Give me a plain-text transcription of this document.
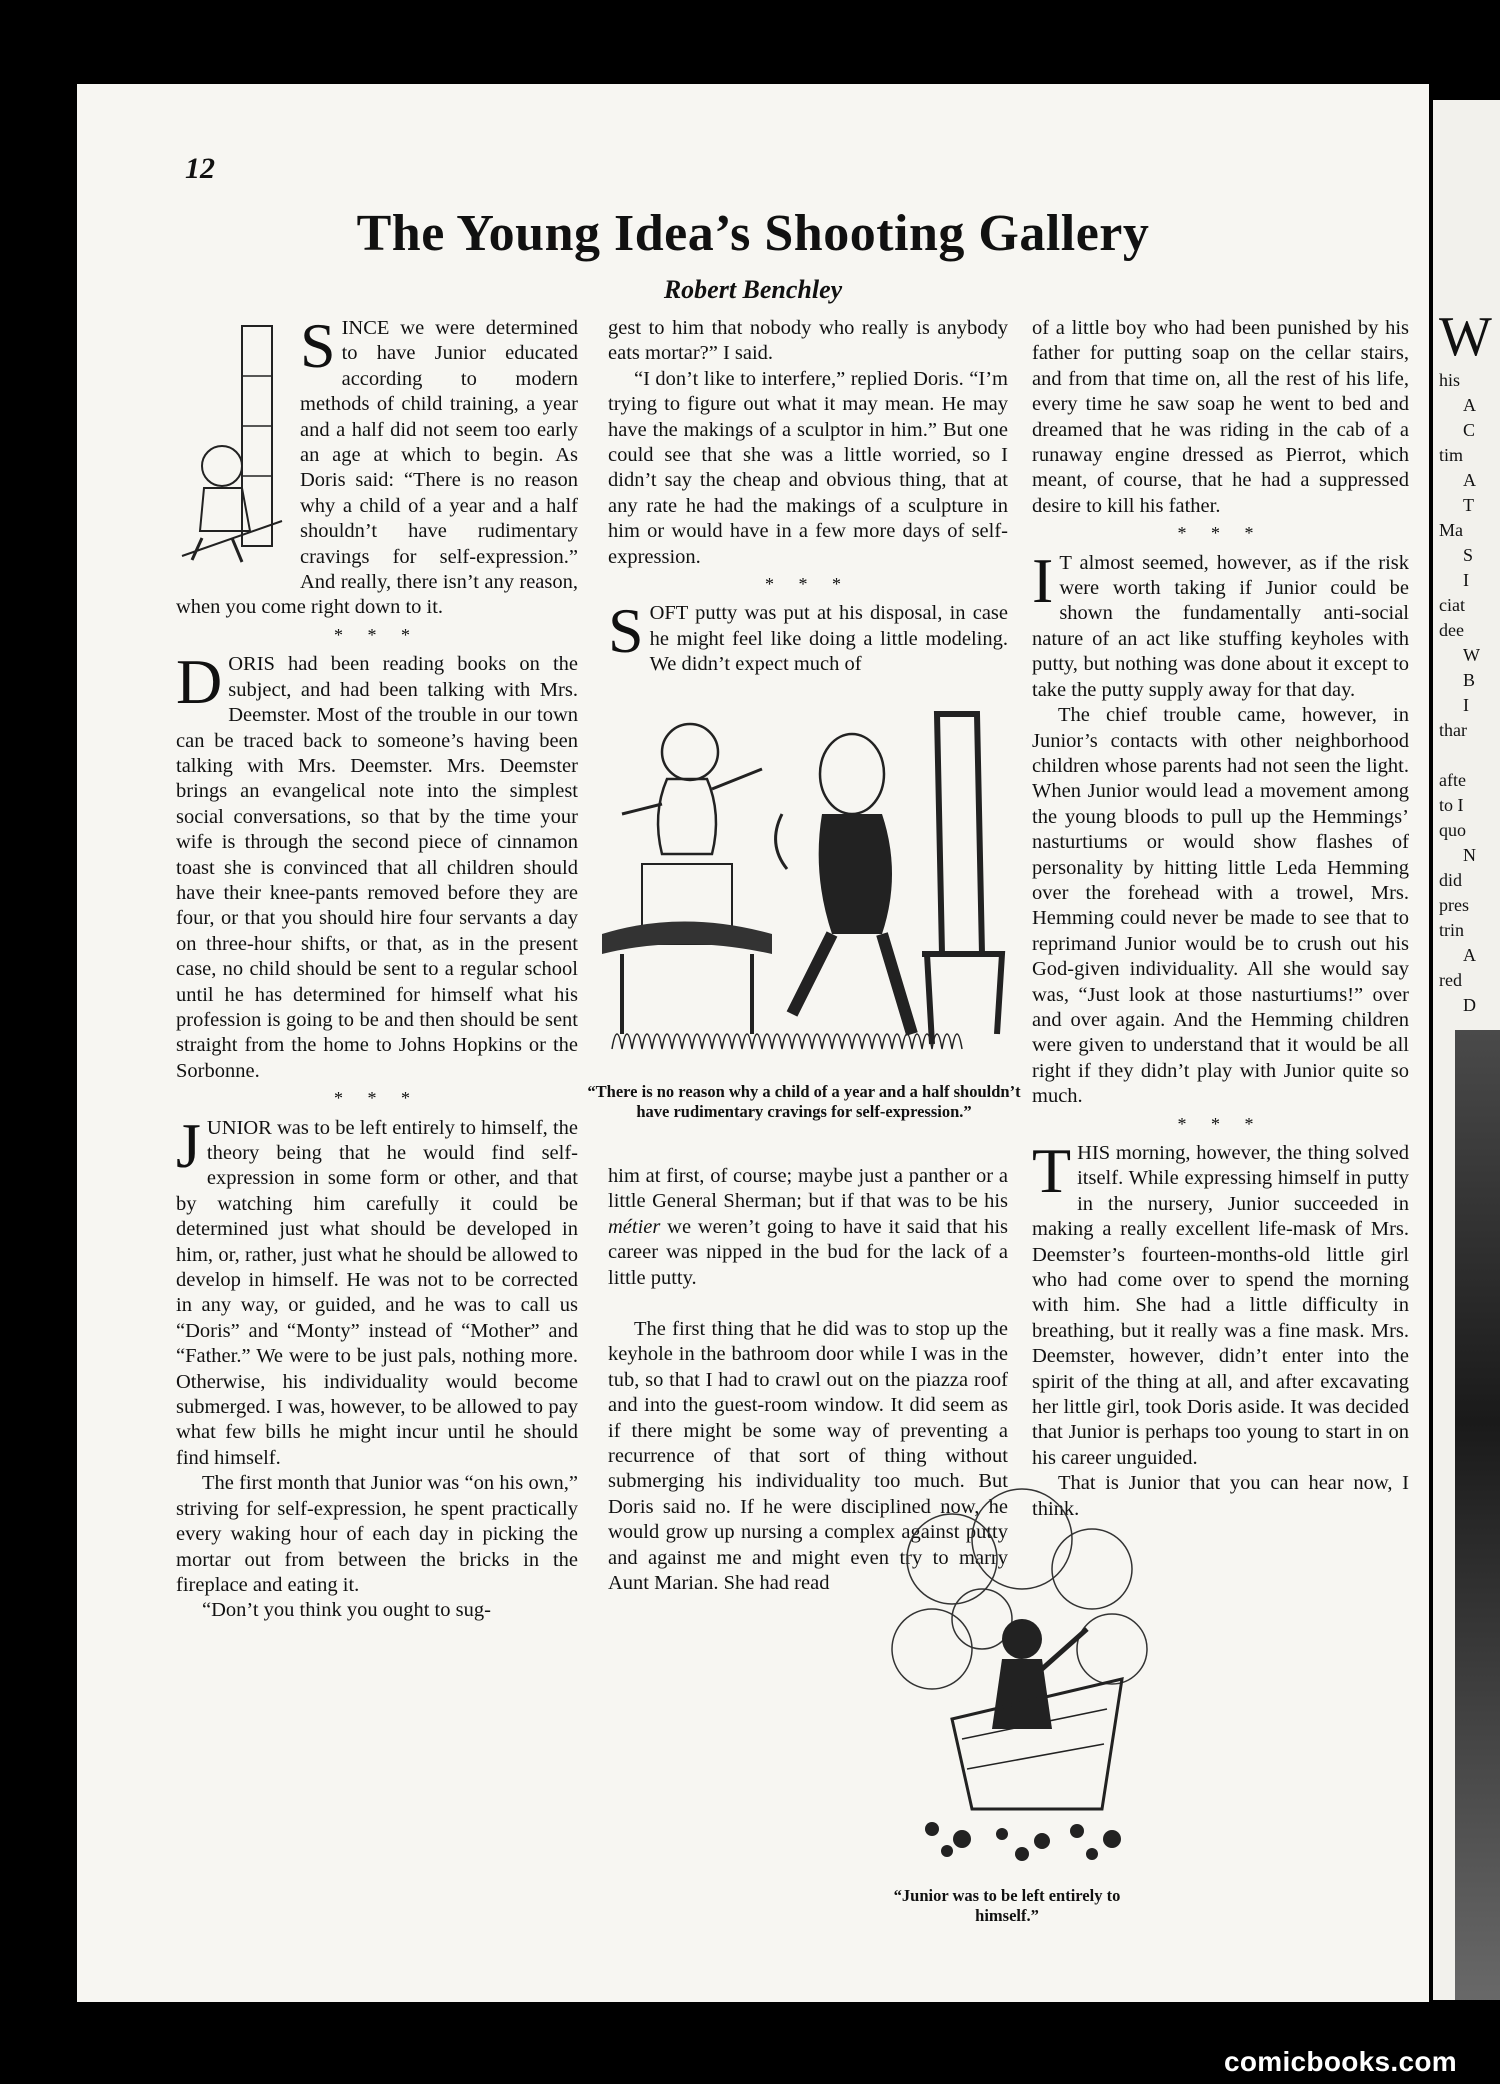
12
The Young Idea’s Shooting Gallery
Robert Benchley

SINCE we were determined to have Junior educated according to modern methods of child training, a year and a half did not seem too early an age at which to begin. As Doris said: “There is no reason why a child of a year and a half shouldn’t have rudimentary cravings for self-expression.” And really, there isn’t any reason, when you come right down to it.

* * *

DORIS had been reading books on the subject, and had been talking with Mrs. Deemster. Most of the trouble in our town can be traced back to someone’s having been talking with Mrs. Deemster. Mrs. Deemster brings an evangelical note into the simplest social conversations, so that by the time your wife is through the second piece of cinnamon toast she is convinced that all children should have their knee-pants removed before they are four, or that you should hire four servants a day on three-hour shifts, or that, as in the present case, no child should be sent to a regular school until he has determined for himself what his profession is going to be and then should be sent straight from the home to Johns Hopkins or the Sorbonne.

* * *

JUNIOR was to be left entirely to himself, the theory being that he would find self-expression in some form or other, and that by watching him carefully it could be determined just what should be developed in him, or, rather, just what he should be allowed to develop in himself. He was not to be corrected in any way, or guided, and he was to call us “Doris” and “Monty” instead of “Mother” and “Father.” We were to be just pals, nothing more. Otherwise, his individuality would become submerged. I was, however, to be allowed to pay what few bills he might incur until he should find himself.

The first month that Junior was “on his own,” striving for self-expression, he spent practically every waking hour of each day in picking the mortar out from between the bricks in the fireplace and eating it.

“Don’t you think you ought to sug-

gest to him that nobody who really is anybody eats mortar?” I said.

“I don’t like to interfere,” replied Doris. “I’m trying to figure out what it may mean. He may have the makings of a sculptor in him.” But one could see that she was a little worried, so I didn’t say the cheap and obvious thing, that at any rate he had the makings of a sculpture in him or would have in a few more days of self-expression.

* * *

SOFT putty was put at his disposal, in case he might feel like doing a little modeling. We didn’t expect much of

“There is no reason why a child of a year and a half shouldn’t have rudimentary cravings for self-expression.”

him at first, of course; maybe just a panther or a little General Sherman; but if that was to be his métier we weren’t going to have it said that his career was nipped in the bud for the lack of a little putty.

The first thing that he did was to stop up the keyhole in the bathroom door while I was in the tub, so that I had to crawl out on the piazza roof and into the guest-room window. It did seem as if there might be some way of preventing a recurrence of that sort of thing without submerging his individuality too much. But Doris said no. If he were disciplined now, he would grow up nursing a complex against putty and against me and might even try to marry Aunt Marian. She had read

of a little boy who had been punished by his father for putting soap on the cellar stairs, and from that time on, all the rest of his life, every time he saw soap he went to bed and dreamed that he was riding in the cab of a runaway engine dressed as Pierrot, which meant, of course, that he had a suppressed desire to kill his father.

* * *

I T almost seemed, however, as if the risk were worth taking if Junior could be shown the fundamentally anti-social nature of an act like stuffing keyholes with putty, but nothing was done about it except to take the putty supply away for that day.

The chief trouble came, however, in Junior’s contacts with other neighborhood children whose parents had not seen the light. When Junior would lead a movement among the young bloods to pull up the Hemmings’ nasturtiums or would show flashes of personality by hitting little Leda Hemming over the forehead with a trowel, Mrs. Hemming could never be made to see that to reprimand Junior would be to crush out his God-given individuality. All she would say was, “Just look at those nasturtiums!” over and over again. And the Hemming children were given to understand that it would be all right if they didn’t play with Junior quite so much.

* * *

T HIS morning, however, the thing solved itself. While expressing himself in putty in the nursery, Junior succeeded in making a really excellent life-mask of Mrs. Deemster’s fourteen-months-old little girl who had come over to spend the morning with him. She had a little difficulty in breathing, but it really was a fine mask. Mrs. Deemster, however, didn’t enter into the spirit of the thing at all, and after excavating her little girl, took Doris aside. It was decided that Junior is perhaps too young to start in on his career unguided.

That is Junior that you can hear now, I think.

“Junior was to be left entirely to himself.”
W
his
A
C
tim
A
T
Ma
S
I
ciat
dee
W
B
I
thar
afte
to I
quo
N
did
pres
trin
A
red
D
comicbooks.com
